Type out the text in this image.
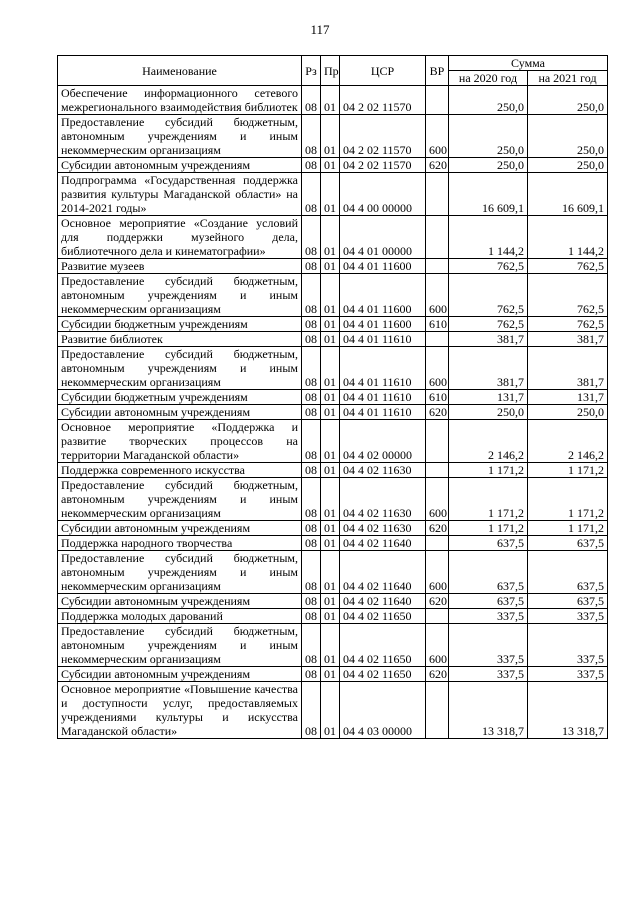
117
Наименование	Рз	Пр	ЦСР	ВР	Сумма	
					на 2020 год	на 2021 год
Обеспечение информационного сетевого межрегионального взаимодействия библиотек	08	01	04 2 02 11570		250,0	250,0
Предоставление субсидий бюджетным, автономным учреждениям и иным некоммерческим организациям	08	01	04 2 02 11570	600	250,0	250,0
Субсидии автономным учреждениям	08	01	04 2 02 11570	620	250,0	250,0
Подпрограмма «Государственная поддержка развития культуры Магаданской области» на 2014-2021 годы»	08	01	04 4 00 00000		16 609,1	16 609,1
Основное мероприятие «Создание условий для поддержки музейного дела, библиотечного дела и кинематографии»	08	01	04 4 01 00000		1 144,2	1 144,2
Развитие музеев	08	01	04 4 01 11600		762,5	762,5
Предоставление субсидий бюджетным, автономным учреждениям и иным некоммерческим организациям	08	01	04 4 01 11600	600	762,5	762,5
Субсидии бюджетным учреждениям	08	01	04 4 01 11600	610	762,5	762,5
Развитие библиотек	08	01	04 4 01 11610		381,7	381,7
Предоставление субсидий бюджетным, автономным учреждениям и иным некоммерческим организациям	08	01	04 4 01 11610	600	381,7	381,7
Субсидии бюджетным учреждениям	08	01	04 4 01 11610	610	131,7	131,7
Субсидии автономным учреждениям	08	01	04 4 01 11610	620	250,0	250,0
Основное мероприятие «Поддержка и развитие творческих процессов на территории Магаданской области»	08	01	04 4 02 00000		2 146,2	2 146,2
Поддержка современного искусства	08	01	04 4 02 11630		1 171,2	1 171,2
Предоставление субсидий бюджетным, автономным учреждениям и иным некоммерческим организациям	08	01	04 4 02 11630	600	1 171,2	1 171,2
Субсидии автономным учреждениям	08	01	04 4 02 11630	620	1 171,2	1 171,2
Поддержка народного творчества	08	01	04 4 02 11640		637,5	637,5
Предоставление субсидий бюджетным, автономным учреждениям и иным некоммерческим организациям	08	01	04 4 02 11640	600	637,5	637,5
Субсидии автономным учреждениям	08	01	04 4 02 11640	620	637,5	637,5
Поддержка молодых дарований	08	01	04 4 02 11650		337,5	337,5
Предоставление субсидий бюджетным, автономным учреждениям и иным некоммерческим организациям	08	01	04 4 02 11650	600	337,5	337,5
Субсидии автономным учреждениям	08	01	04 4 02 11650	620	337,5	337,5
Основное мероприятие «Повышение качества и доступности услуг, предоставляемых учреждениями культуры и искусства Магаданской области»	08	01	04 4 03 00000		13 318,7	13 318,7
